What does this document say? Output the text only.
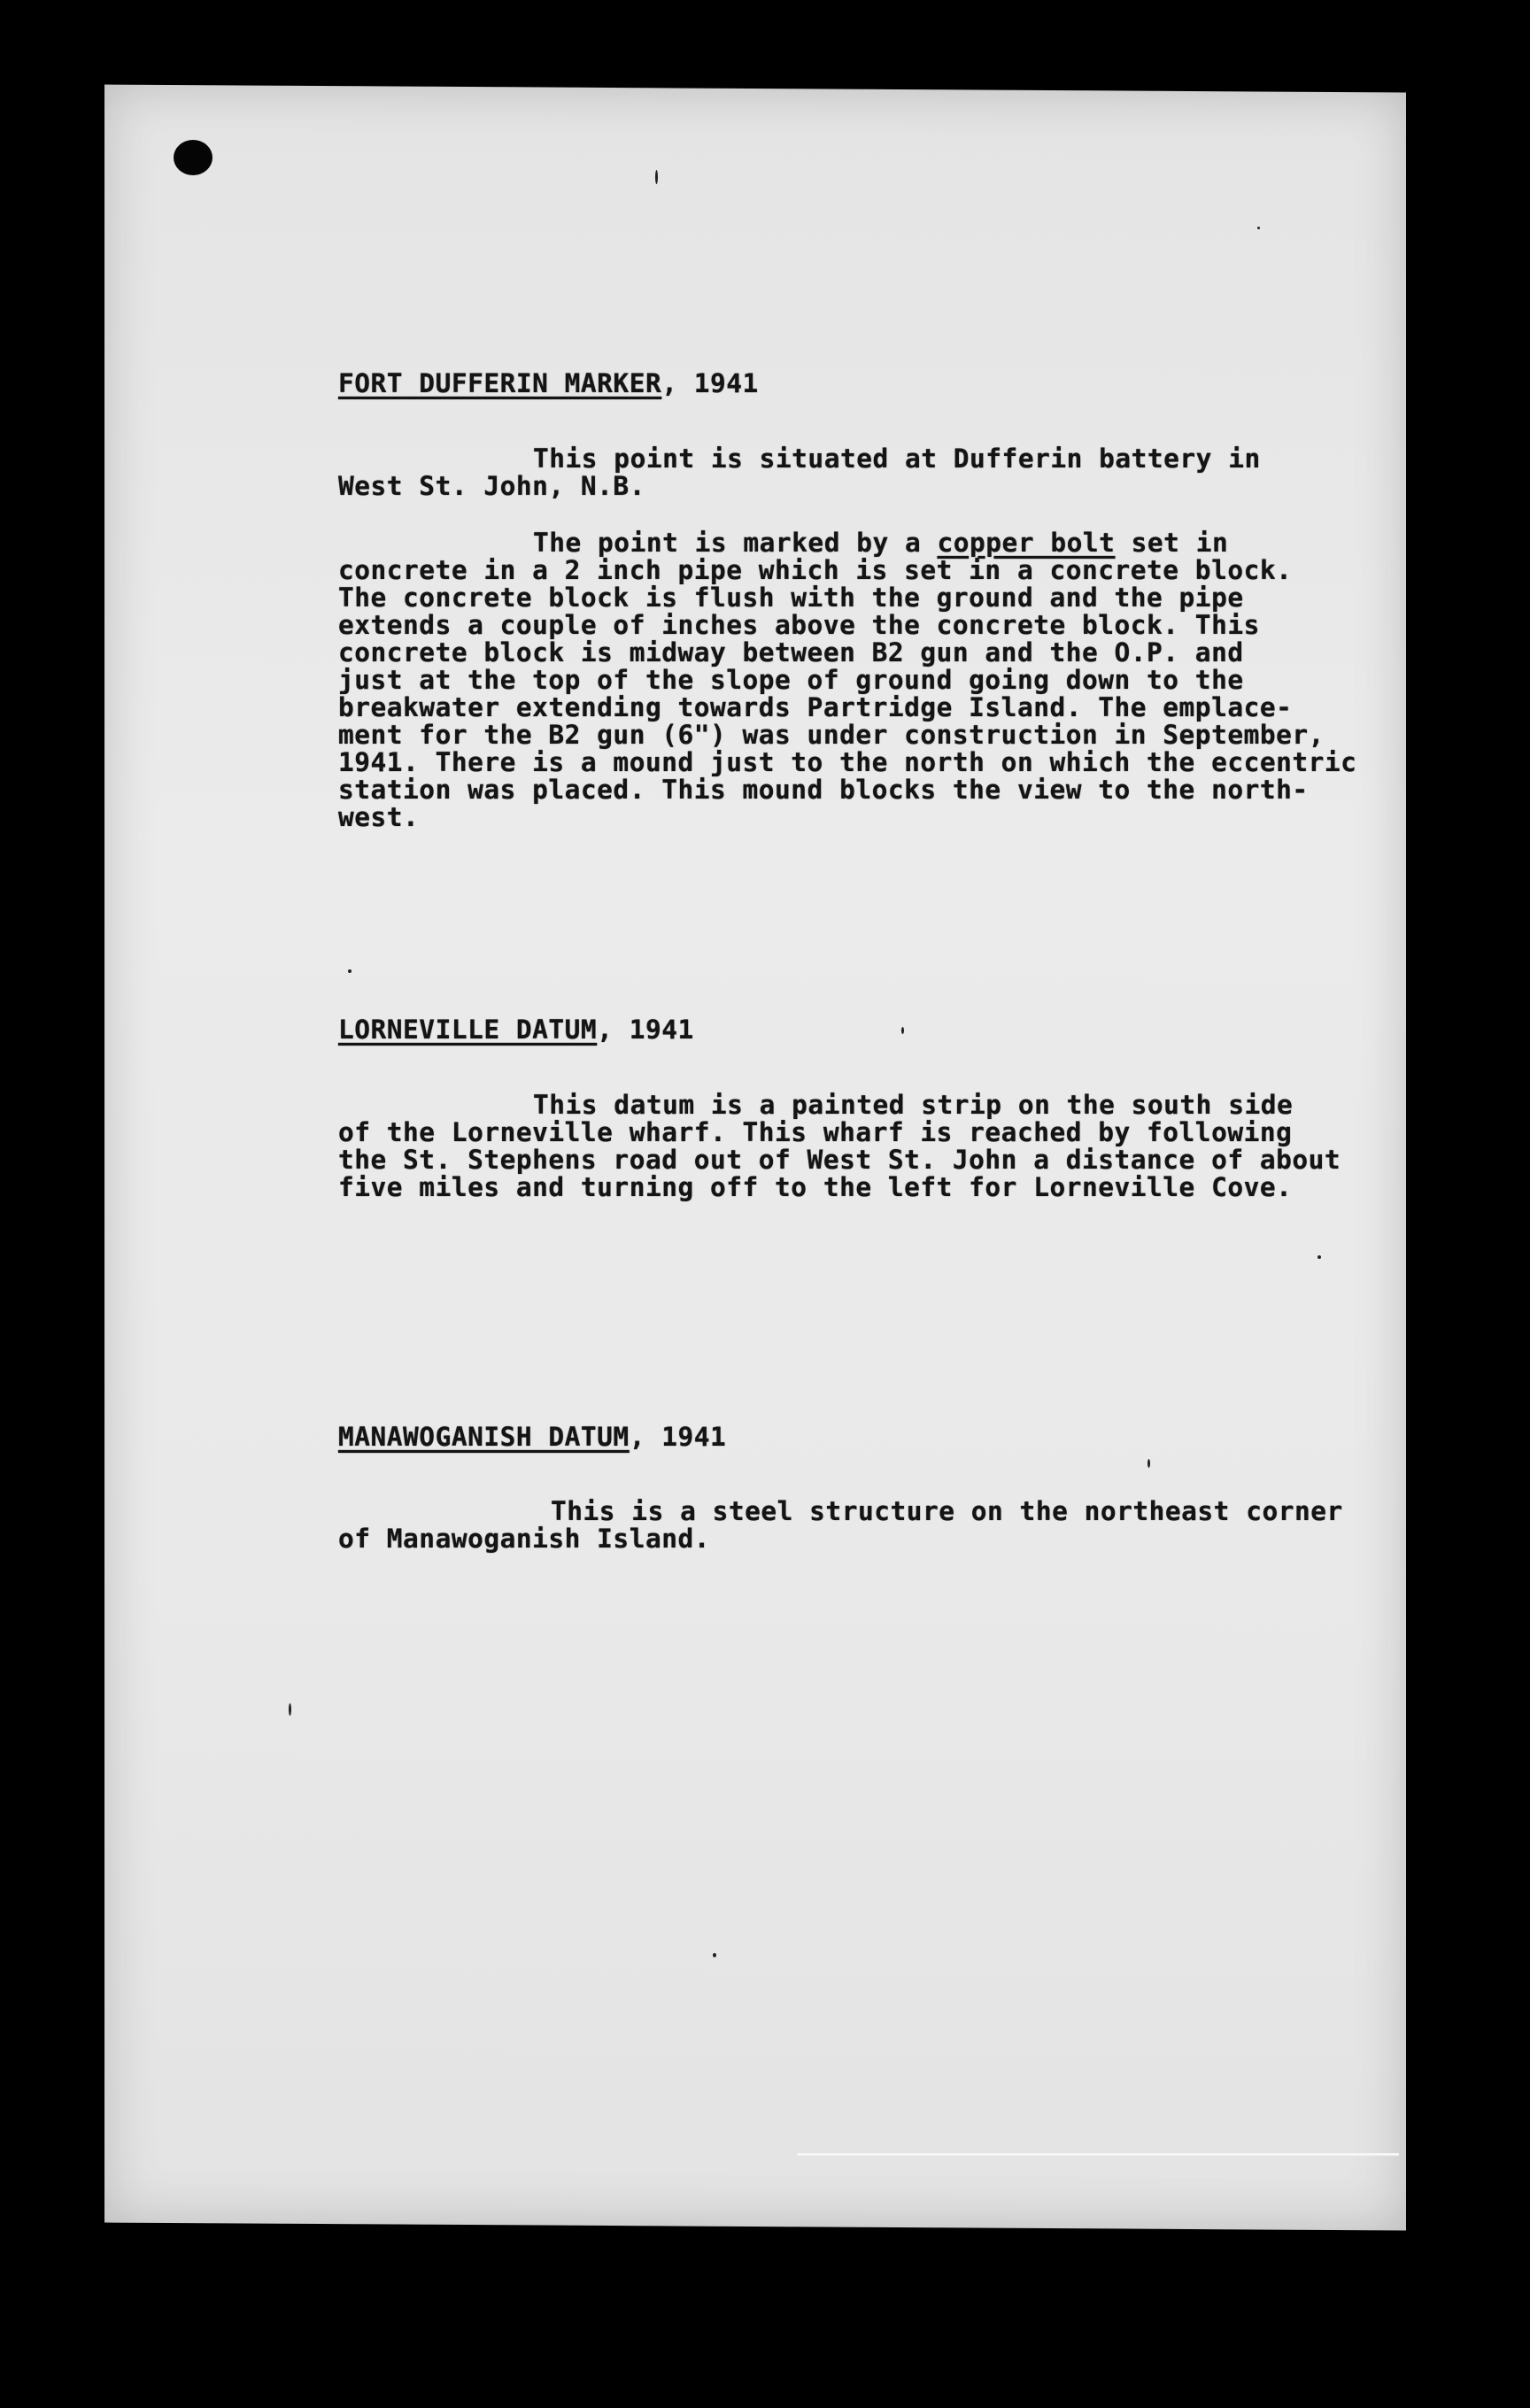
FORT DUFFERIN MARKER, 1941
This point is situated at Dufferin battery in
West St. John, N.B.
The point is marked by a copper bolt set in
concrete in a 2 inch pipe which is set in a concrete block.
The concrete block is flush with the ground and the pipe
extends a couple of inches above the concrete block. This
concrete block is midway between B2 gun and the O.P. and
just at the top of the slope of ground going down to the
breakwater extending towards Partridge Island. The emplace-
ment for the B2 gun (6") was under construction in September,
1941. There is a mound just to the north on which the eccentric
station was placed. This mound blocks the view to the north-
west.
LORNEVILLE DATUM, 1941
This datum is a painted strip on the south side
of the Lorneville wharf. This wharf is reached by following
the St. Stephens road out of West St. John a distance of about
five miles and turning off to the left for Lorneville Cove.
MANAWOGANISH DATUM, 1941
This is a steel structure on the northeast corner
of Manawoganish Island.
